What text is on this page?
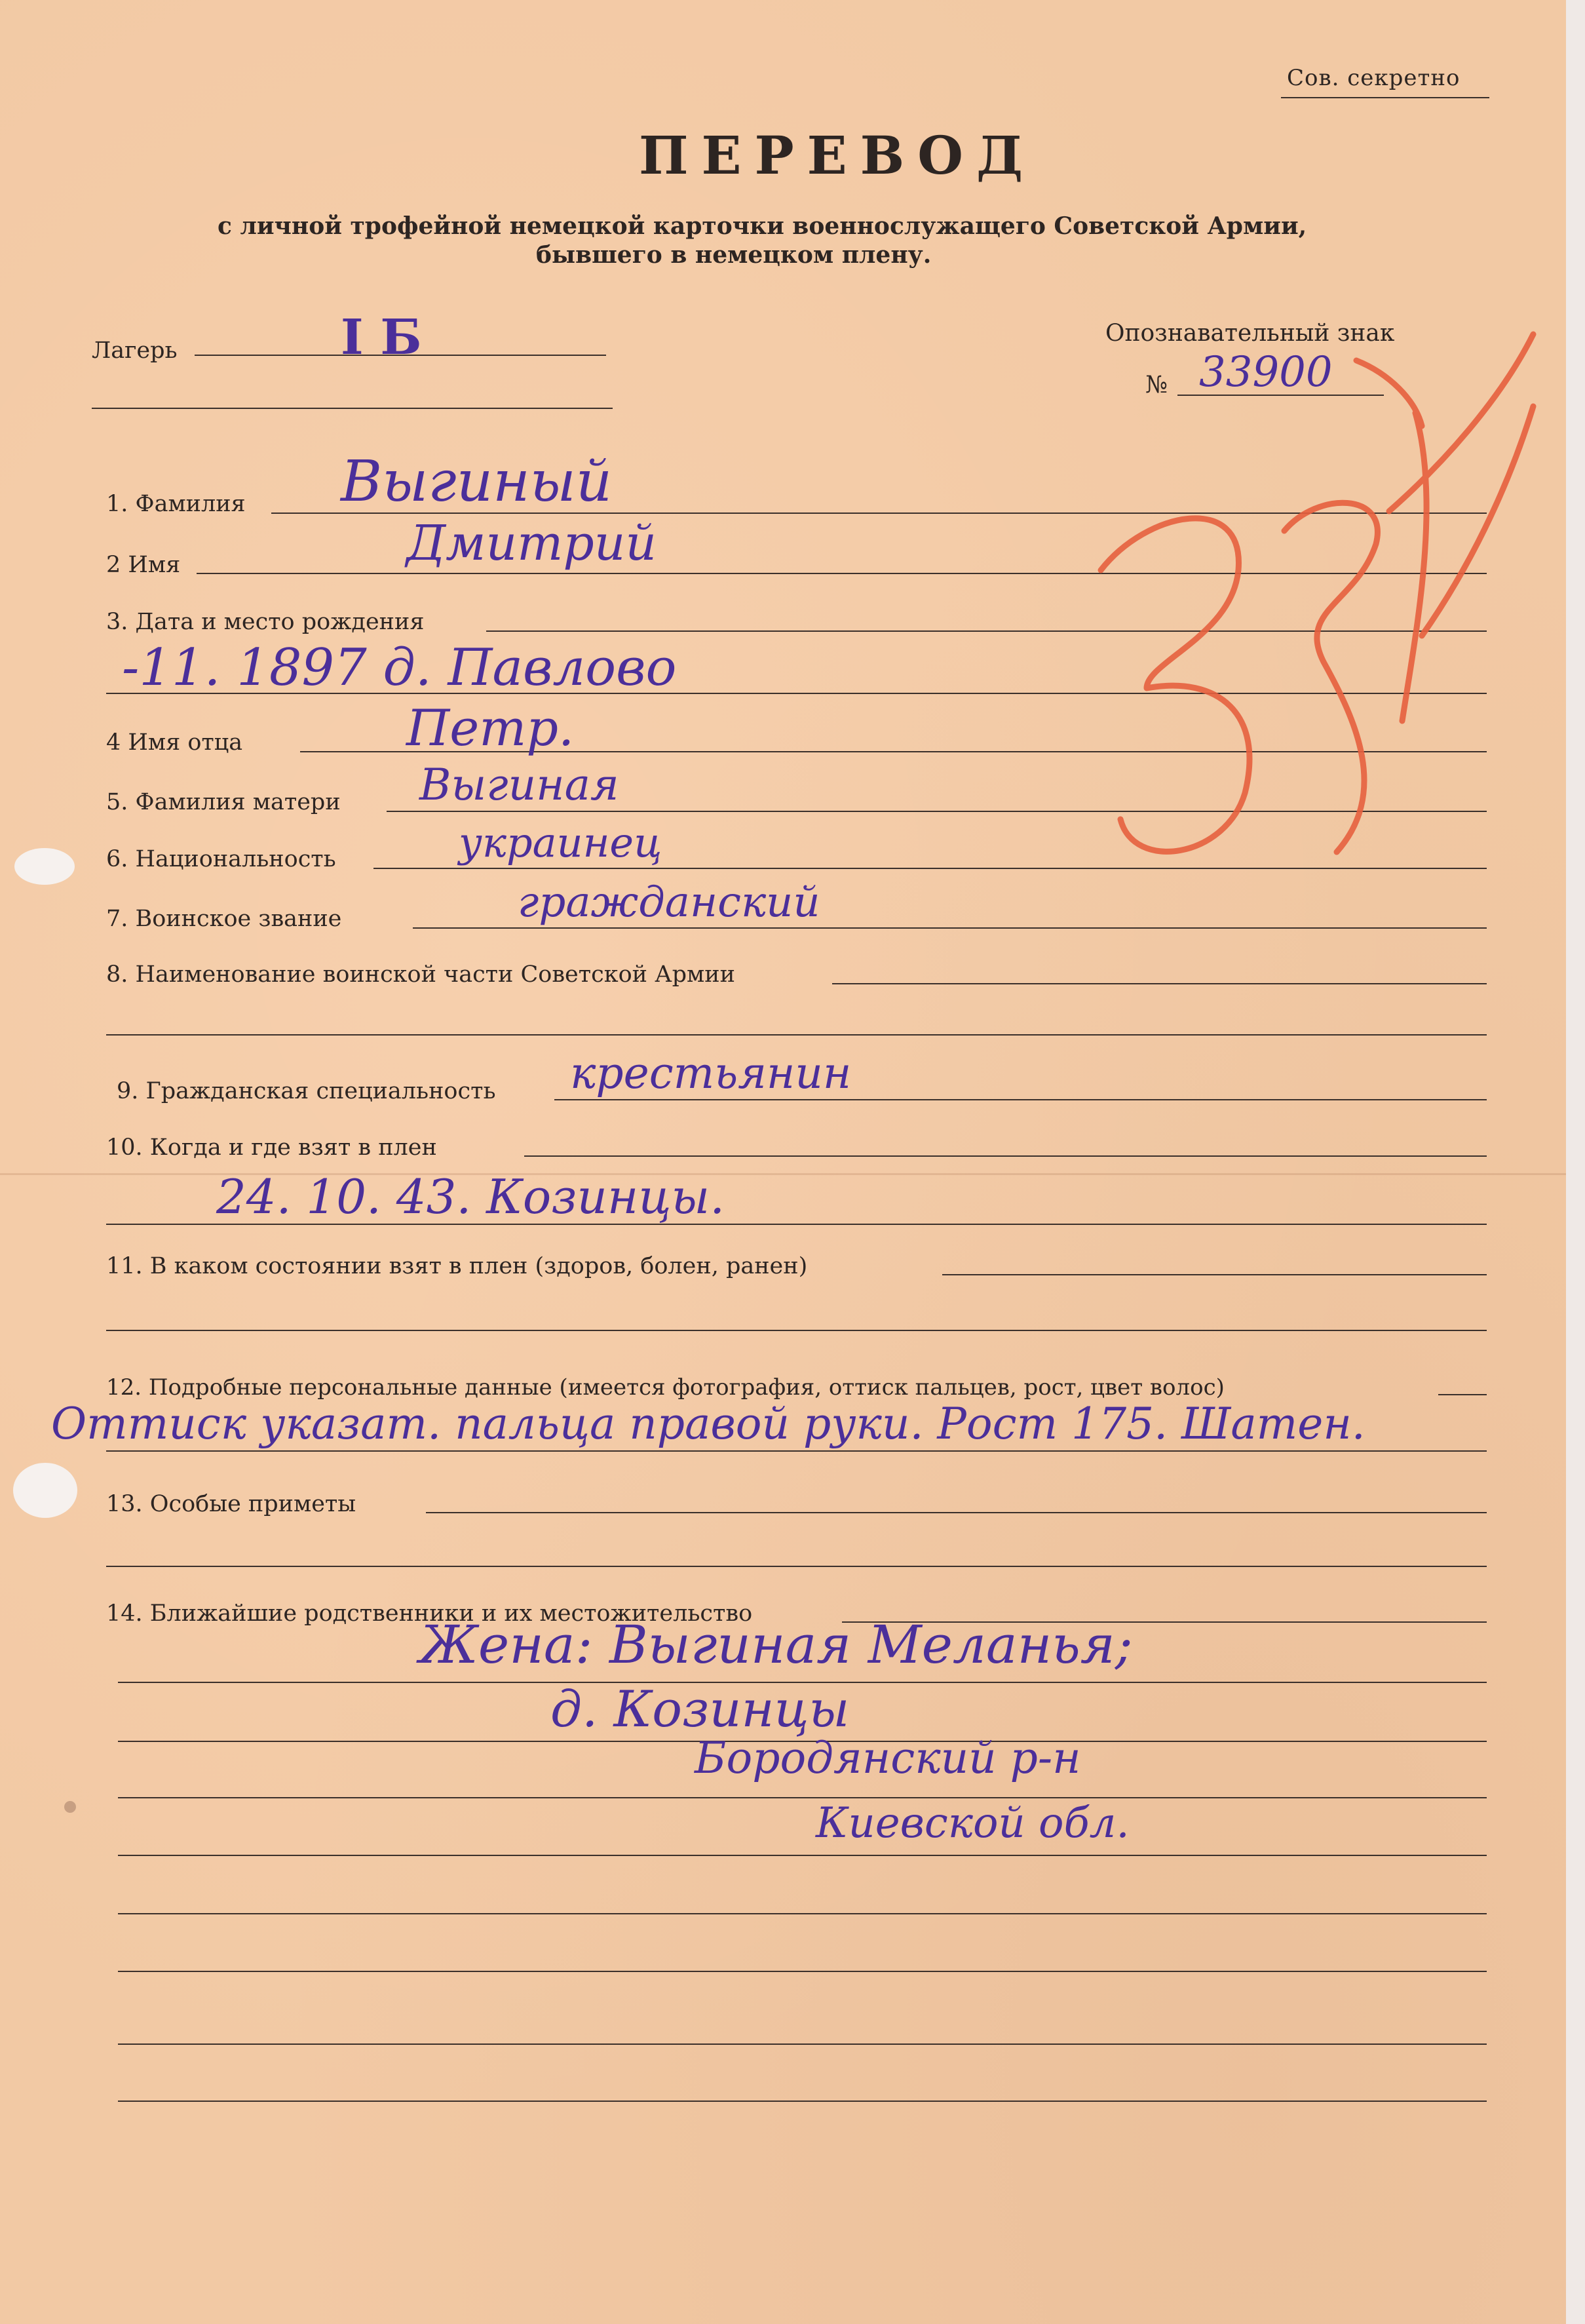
Сов. секретно
ПЕРЕВОД
с личной трофейной немецкой карточки военнослужащего Советской Армии,
бывшего в немецком плену.
Лагерь	I Б	Опознавательный знак
№ 33900
1. Фамилия Выгиный
2 Имя	Дмитрий
3. Дата и место рождения
-11. 1897 д. Павлово
4 Имя отца	Петр.
5. Фамилия матери Выгиная
6. Национальность	украинец
7. Воинское звание	гражданский
8. Наименование воинской части Советской Армии
9. Гражданская специальность крестьянин
10. Когда и где взят в плен
24. 10. 43. Козинцы.
11. В каком состоянии взят в плен (здоров, болен, ранен)
12. Подробные персональные данные (имеется фотография, оттиск пальцев, рост, цвет волос)
Оттиск указат. пальца правой руки. Рост 175. Шатен.
13. Особые приметы
14. Ближайшие родственники и их местожительство
Жена: Выгиная Меланья;
д. Козинцы
Бородянский р-н
Киевской обл.
